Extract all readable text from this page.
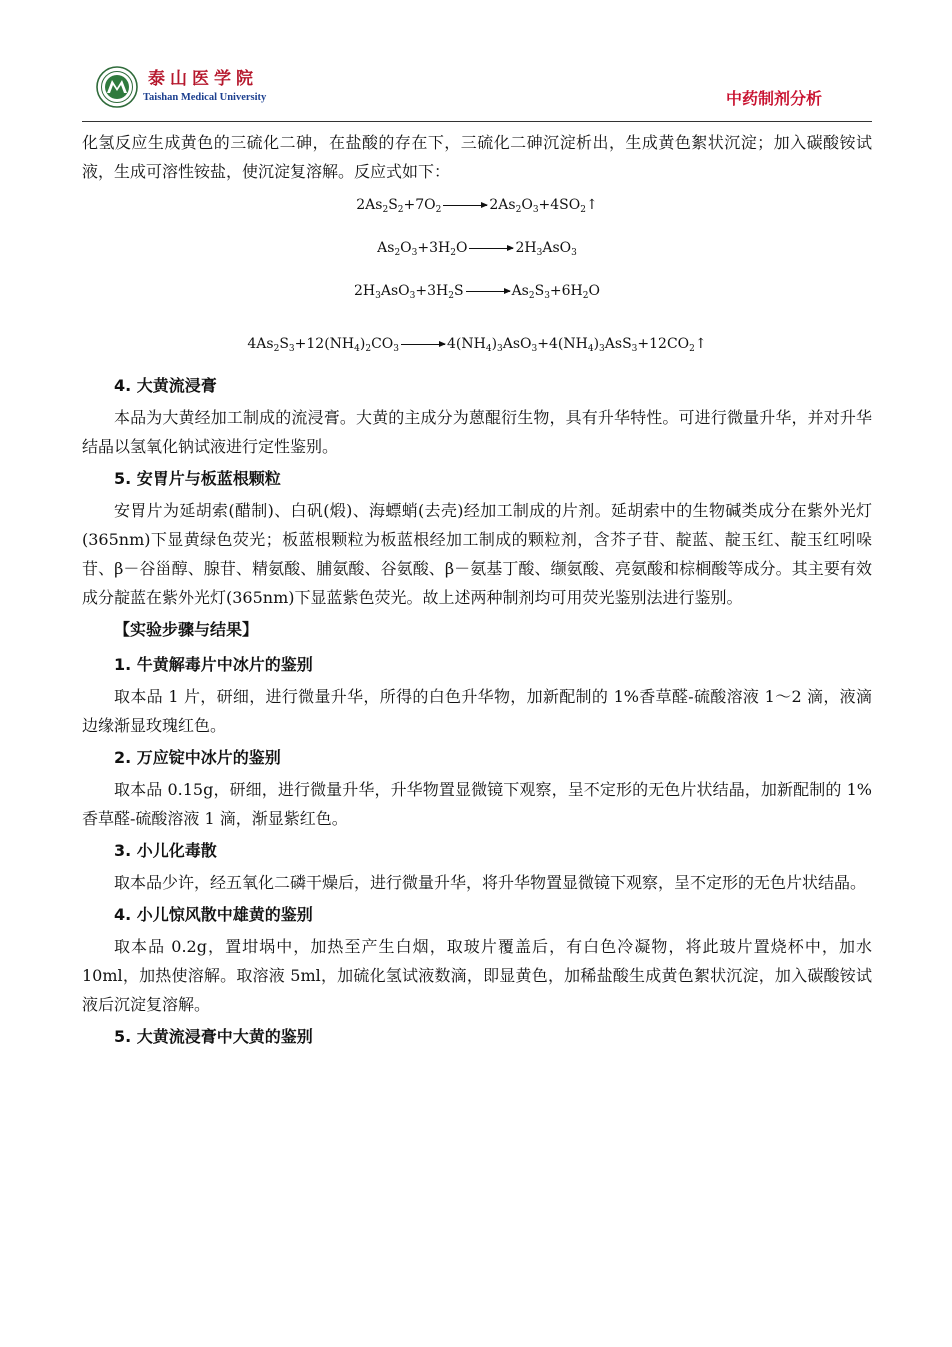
泰山医学院
Taishan Medical University	中药制剂分析

化氢反应生成黄色的三硫化二砷，在盐酸的存在下，三硫化二砷沉淀析出，生成黄色絮状沉淀；加入碳酸铵试液，生成可溶性铵盐，使沉淀复溶解。反应式如下：

$2As_2S_2+7O_2$ → $2As_2O_3+4SO_2↑$

$As_2O_3+3H_2O \to 2H_3AsO_3$

$2H_3AsO_3+3H_2S \to As_2S_3+6H_2O$

$4As_2S_3+12(NH_4)_2CO_3$ → $4(NH_4)_3AsO_3+4(NH_4)_3AsS_3+12CO_2↑$

4. 大黄流浸膏

本品为大黄经加工制成的流浸膏。大黄的主成分为蒽醌衍生物，具有升华特性。可进行微量升华，并对升华结晶以氢氧化钠试液进行定性鉴别。

5. 安胃片与板蓝根颗粒

安胃片为延胡索(醋制)、白矾(煅)、海螵蛸(去壳)经加工制成的片剂。延胡索中的生物碱类成分在紫外光灯(365nm)下显黄绿色荧光；板蓝根颗粒为板蓝根经加工制成的颗粒剂，含芥子苷、靛蓝、靛玉红、靛玉红吲哚苷、β－谷甾醇、腺苷、精氨酸、脯氨酸、谷氨酸、β－氨基丁酸、缬氨酸、亮氨酸和棕榈酸等成分。其主要有效成分靛蓝在紫外光灯(365nm)下显蓝紫色荧光。故上述两种制剂均可用荧光鉴别法进行鉴别。

【实验步骤与结果】

1. 牛黄解毒片中冰片的鉴别

取本品 1 片，研细，进行微量升华，所得的白色升华物，加新配制的 1%香草醛-硫酸溶液 1～2 滴，液滴边缘渐显玫瑰红色。

2. 万应锭中冰片的鉴别

取本品 0.15g，研细，进行微量升华，升华物置显微镜下观察，呈不定形的无色片状结晶，加新配制的 1%香草醛-硫酸溶液 1 滴，渐显紫红色。

3. 小儿化毒散

取本品少许，经五氧化二磷干燥后，进行微量升华，将升华物置显微镜下观察，呈不定形的无色片状结晶。

4. 小儿惊风散中雄黄的鉴别

取本品 0.2g，置坩埚中，加热至产生白烟，取玻片覆盖后，有白色冷凝物，将此玻片置烧杯中，加水 10ml，加热使溶解。取溶液 5ml，加硫化氢试液数滴，即显黄色，加稀盐酸生成黄色絮状沉淀，加入碳酸铵试液后沉淀复溶解。

5. 大黄流浸膏中大黄的鉴别
